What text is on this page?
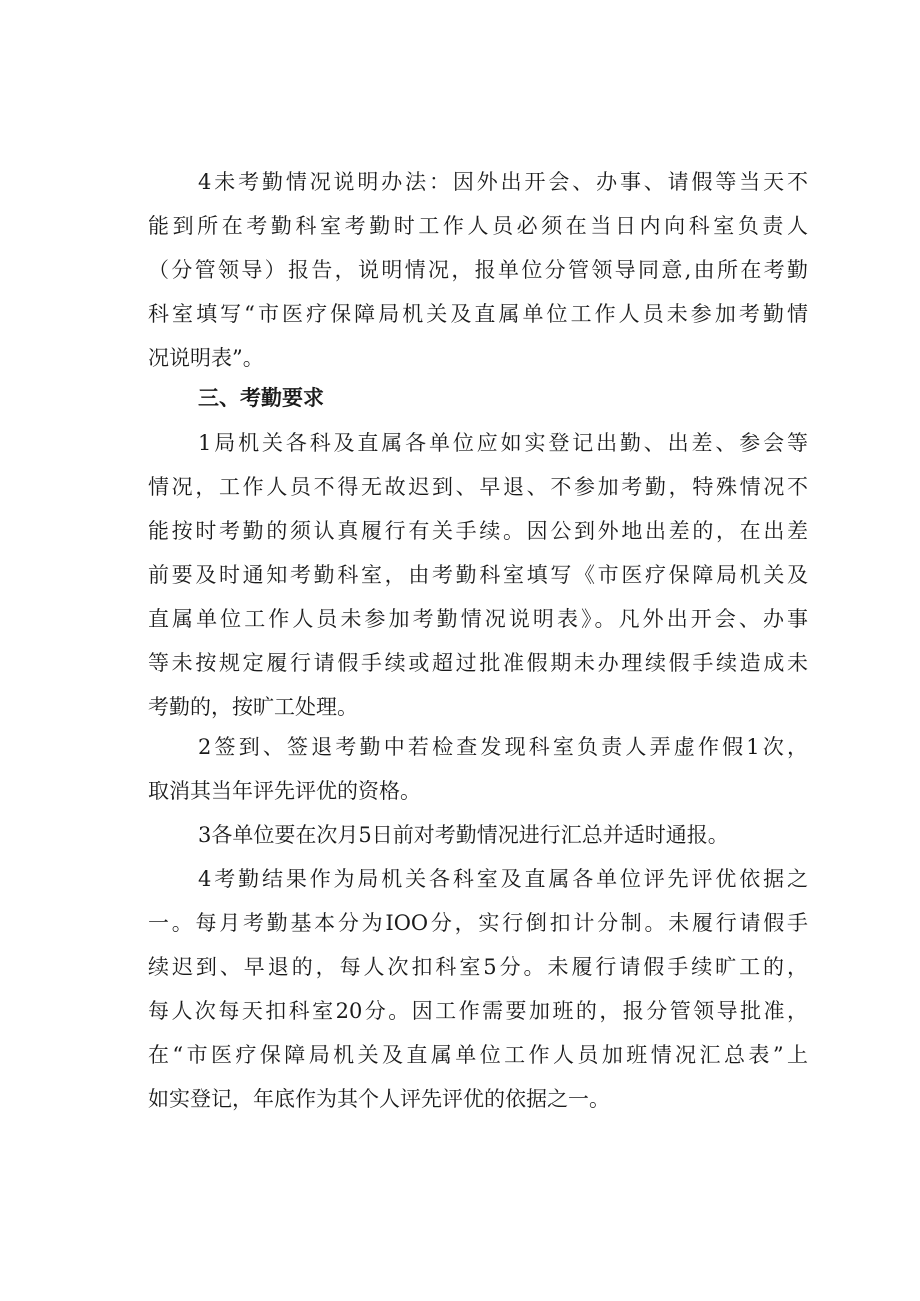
4未考勤情况说明办法：因外出开会、办事、请假等当天不
能到所在考勤科室考勤时工作人员必须在当日内向科室负责人
（分管领导）报告，说明情况，报单位分管领导同意,由所在考勤
科室填写“市医疗保障局机关及直属单位工作人员未参加考勤情
况说明表”。

三、考勤要求

1局机关各科及直属各单位应如实登记出勤、出差、参会等
情况，工作人员不得无故迟到、早退、不参加考勤，特殊情况不
能按时考勤的须认真履行有关手续。因公到外地出差的，在出差
前要及时通知考勤科室，由考勤科室填写《市医疗保障局机关及
直属单位工作人员未参加考勤情况说明表》。凡外出开会、办事
等未按规定履行请假手续或超过批准假期未办理续假手续造成未
考勤的，按旷工处理。

2签到、签退考勤中若检查发现科室负责人弄虚作假1次，
取消其当年评先评优的资格。

3各单位要在次月5日前对考勤情况进行汇总并适时通报。

4考勤结果作为局机关各科室及直属各单位评先评优依据之
一。每月考勤基本分为IOO分，实行倒扣计分制。未履行请假手
续迟到、早退的，每人次扣科室5分。未履行请假手续旷工的，
每人次每天扣科室20分。因工作需要加班的，报分管领导批准，
在“市医疗保障局机关及直属单位工作人员加班情况汇总表”上
如实登记，年底作为其个人评先评优的依据之一。
